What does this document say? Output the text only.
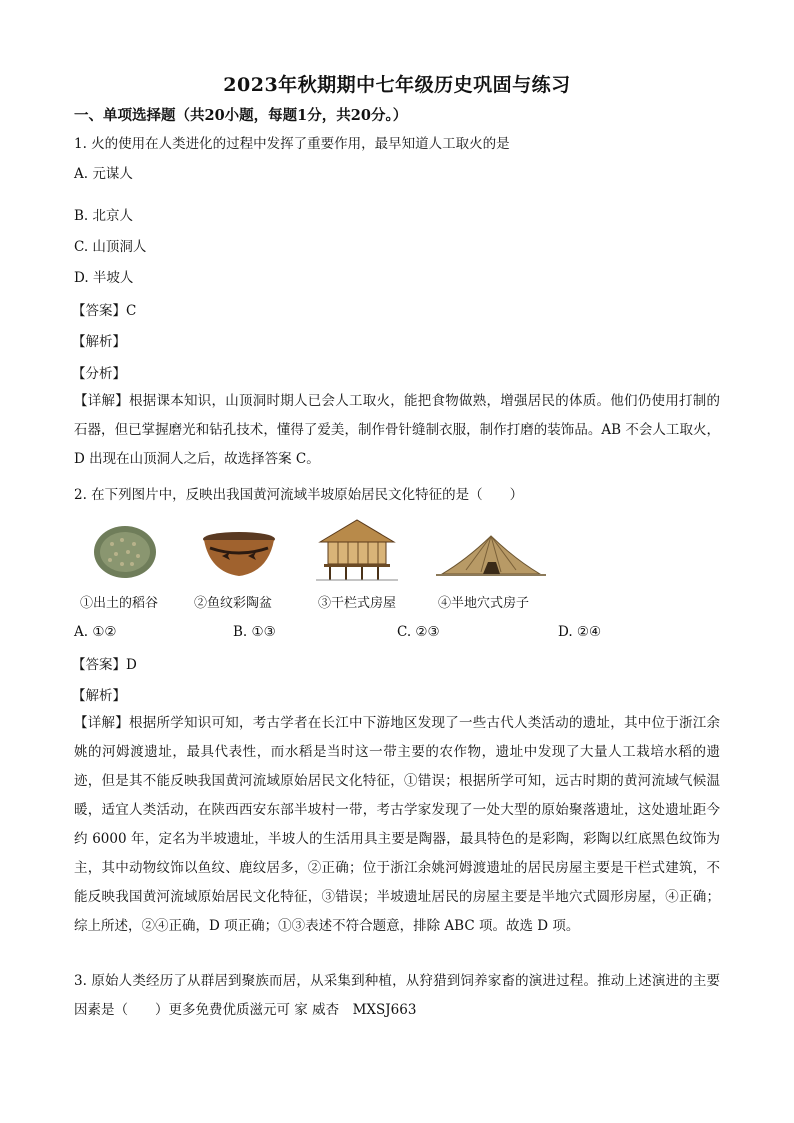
2023年秋期期中七年级历史巩固与练习
一、单项选择题（共20小题，每题1分，共20分。）
1. 火的使用在人类进化的过程中发挥了重要作用，最早知道人工取火的是
A. 元谋人
B. 北京人
C. 山顶洞人
D. 半坡人
【答案】C
【解析】
【分析】
【详解】根据课本知识，山顶洞时期人已会人工取火，能把食物做熟，增强居民的体质。他们仍使用打制的石器，但已掌握磨光和钻孔技术，懂得了爱美，制作骨针缝制衣服，制作打磨的装饰品。AB 不会人工取火，D 出现在山顶洞人之后，故选择答案 C。
2. 在下列图片中，反映出我国黄河流域半坡原始居民文化特征的是（　　）
①出土的稻谷	②鱼纹彩陶盆	③干栏式房屋	④半地穴式房子
A. ①②	B. ①③	C. ②③	D. ②④
【答案】D
【解析】
【详解】根据所学知识可知，考古学者在长江中下游地区发现了一些古代人类活动的遗址，其中位于浙江余姚的河姆渡遗址，最具代表性，而水稻是当时这一带主要的农作物，遗址中发现了大量人工栽培水稻的遗迹，但是其不能反映我国黄河流域原始居民文化特征，①错误；根据所学可知，远古时期的黄河流域气候温暖，适宜人类活动，在陕西西安东部半坡村一带，考古学家发现了一处大型的原始聚落遗址，这处遗址距今约 6000 年，定名为半坡遗址，半坡人的生活用具主要是陶器，最具特色的是彩陶，彩陶以红底黑色纹饰为主，其中动物纹饰以鱼纹、鹿纹居多，②正确；位于浙江余姚河姆渡遗址的居民房屋主要是干栏式建筑，不能反映我国黄河流域原始居民文化特征，③错误；半坡遗址居民的房屋主要是半地穴式圆形房屋，④正确；综上所述，②④正确，D 项正确；①③表述不符合题意，排除 ABC 项。故选 D 项。
3. 原始人类经历了从群居到聚族而居，从采集到种植，从狩猎到饲养家畜的演进过程。推动上述演进的主要因素是（　　）更多免费优质滋元可 家 威杏　MXSJ663
